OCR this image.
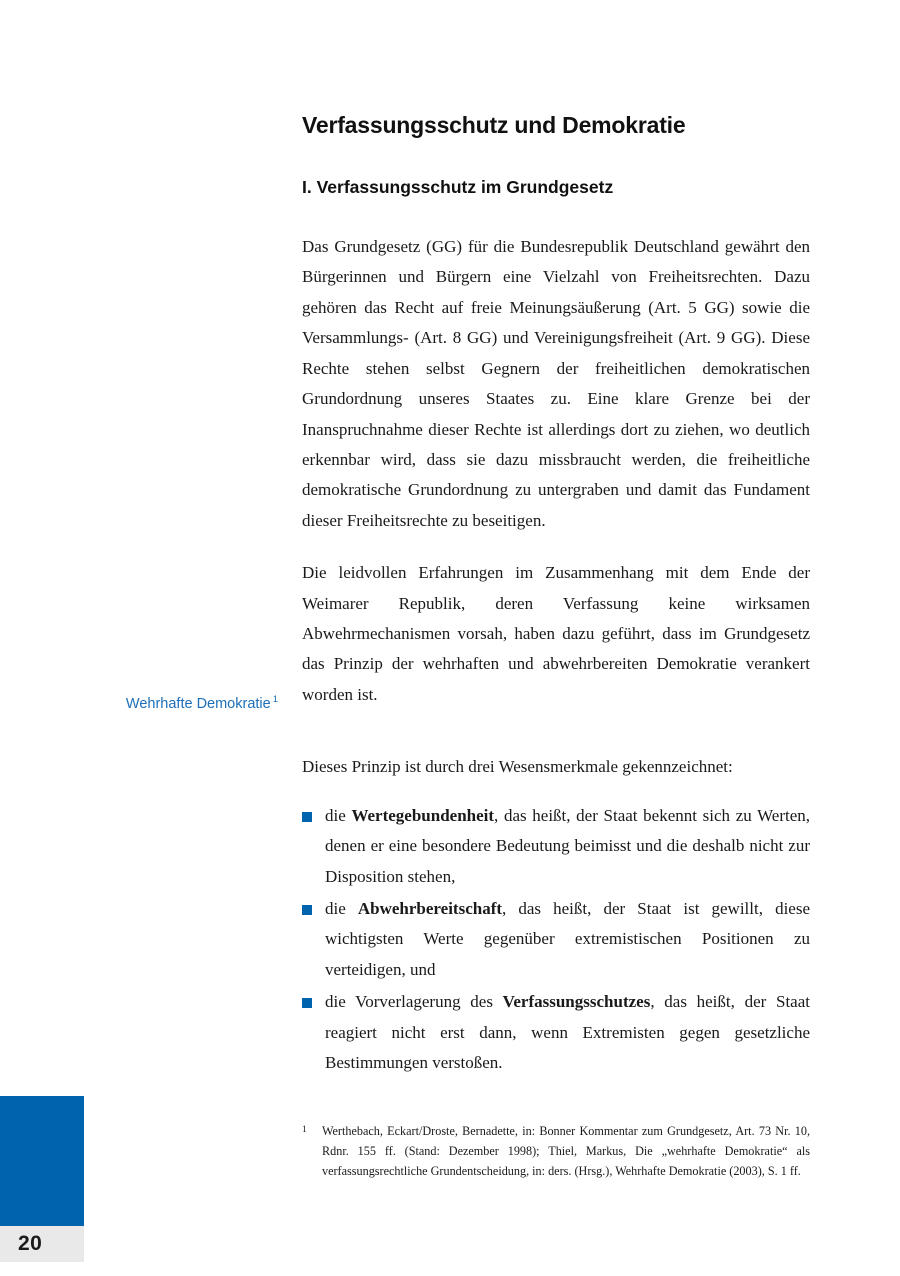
20
Wehrhafte Demokratie $^1$
Verfassungsschutz und Demokratie
I. Verfassungsschutz im Grundgesetz

Das Grundgesetz (GG) für die Bundesrepublik Deutschland gewährt den Bürgerinnen und Bürgern eine Vielzahl von Freiheitsrechten. Dazu gehören das Recht auf freie Meinungsäußerung (Art. 5 GG) sowie die Versammlungs- (Art. 8 GG) und Vereinigungsfreiheit (Art. 9 GG). Diese Rechte stehen selbst Gegnern der freiheitlichen demokratischen Grundordnung unseres Staates zu. Eine klare Grenze bei der Inanspruchnahme dieser Rechte ist allerdings dort zu ziehen, wo deutlich erkennbar wird, dass sie dazu missbraucht werden, die freiheitliche demokratische Grundordnung zu untergraben und damit das Fundament dieser Freiheitsrechte zu beseitigen.

Die leidvollen Erfahrungen im Zusammenhang mit dem Ende der Weimarer Republik, deren Verfassung keine wirksamen Abwehrmechanismen vorsah, haben dazu geführt, dass im Grundgesetz das Prinzip der wehrhaften und abwehrbereiten Demokratie verankert worden ist.

Dieses Prinzip ist durch drei Wesensmerkmale gekennzeichnet:

die Wertegebundenheit, das heißt, der Staat bekennt sich zu Werten, denen er eine besondere Bedeutung beimisst und die deshalb nicht zur Disposition stehen,
die Abwehrbereitschaft, das heißt, der Staat ist gewillt, diese wichtigsten Werte gegenüber extremistischen Positionen zu verteidigen, und
die Vorverlagerung des Verfassungsschutzes, das heißt, der Staat reagiert nicht erst dann, wenn Extremisten gegen gesetzliche Bestimmungen verstoßen.
1	Werthebach, Eckart/Droste, Bernadette, in: Bonner Kommentar zum Grundgesetz, Art. 73 Nr. 10, Rdnr. 155 ff. (Stand: Dezember 1998); Thiel, Markus, Die „wehrhafte Demokratie“ als verfassungsrechtliche Grundentscheidung, in: ders. (Hrsg.), Wehrhafte Demokratie (2003), S. 1 ff.
